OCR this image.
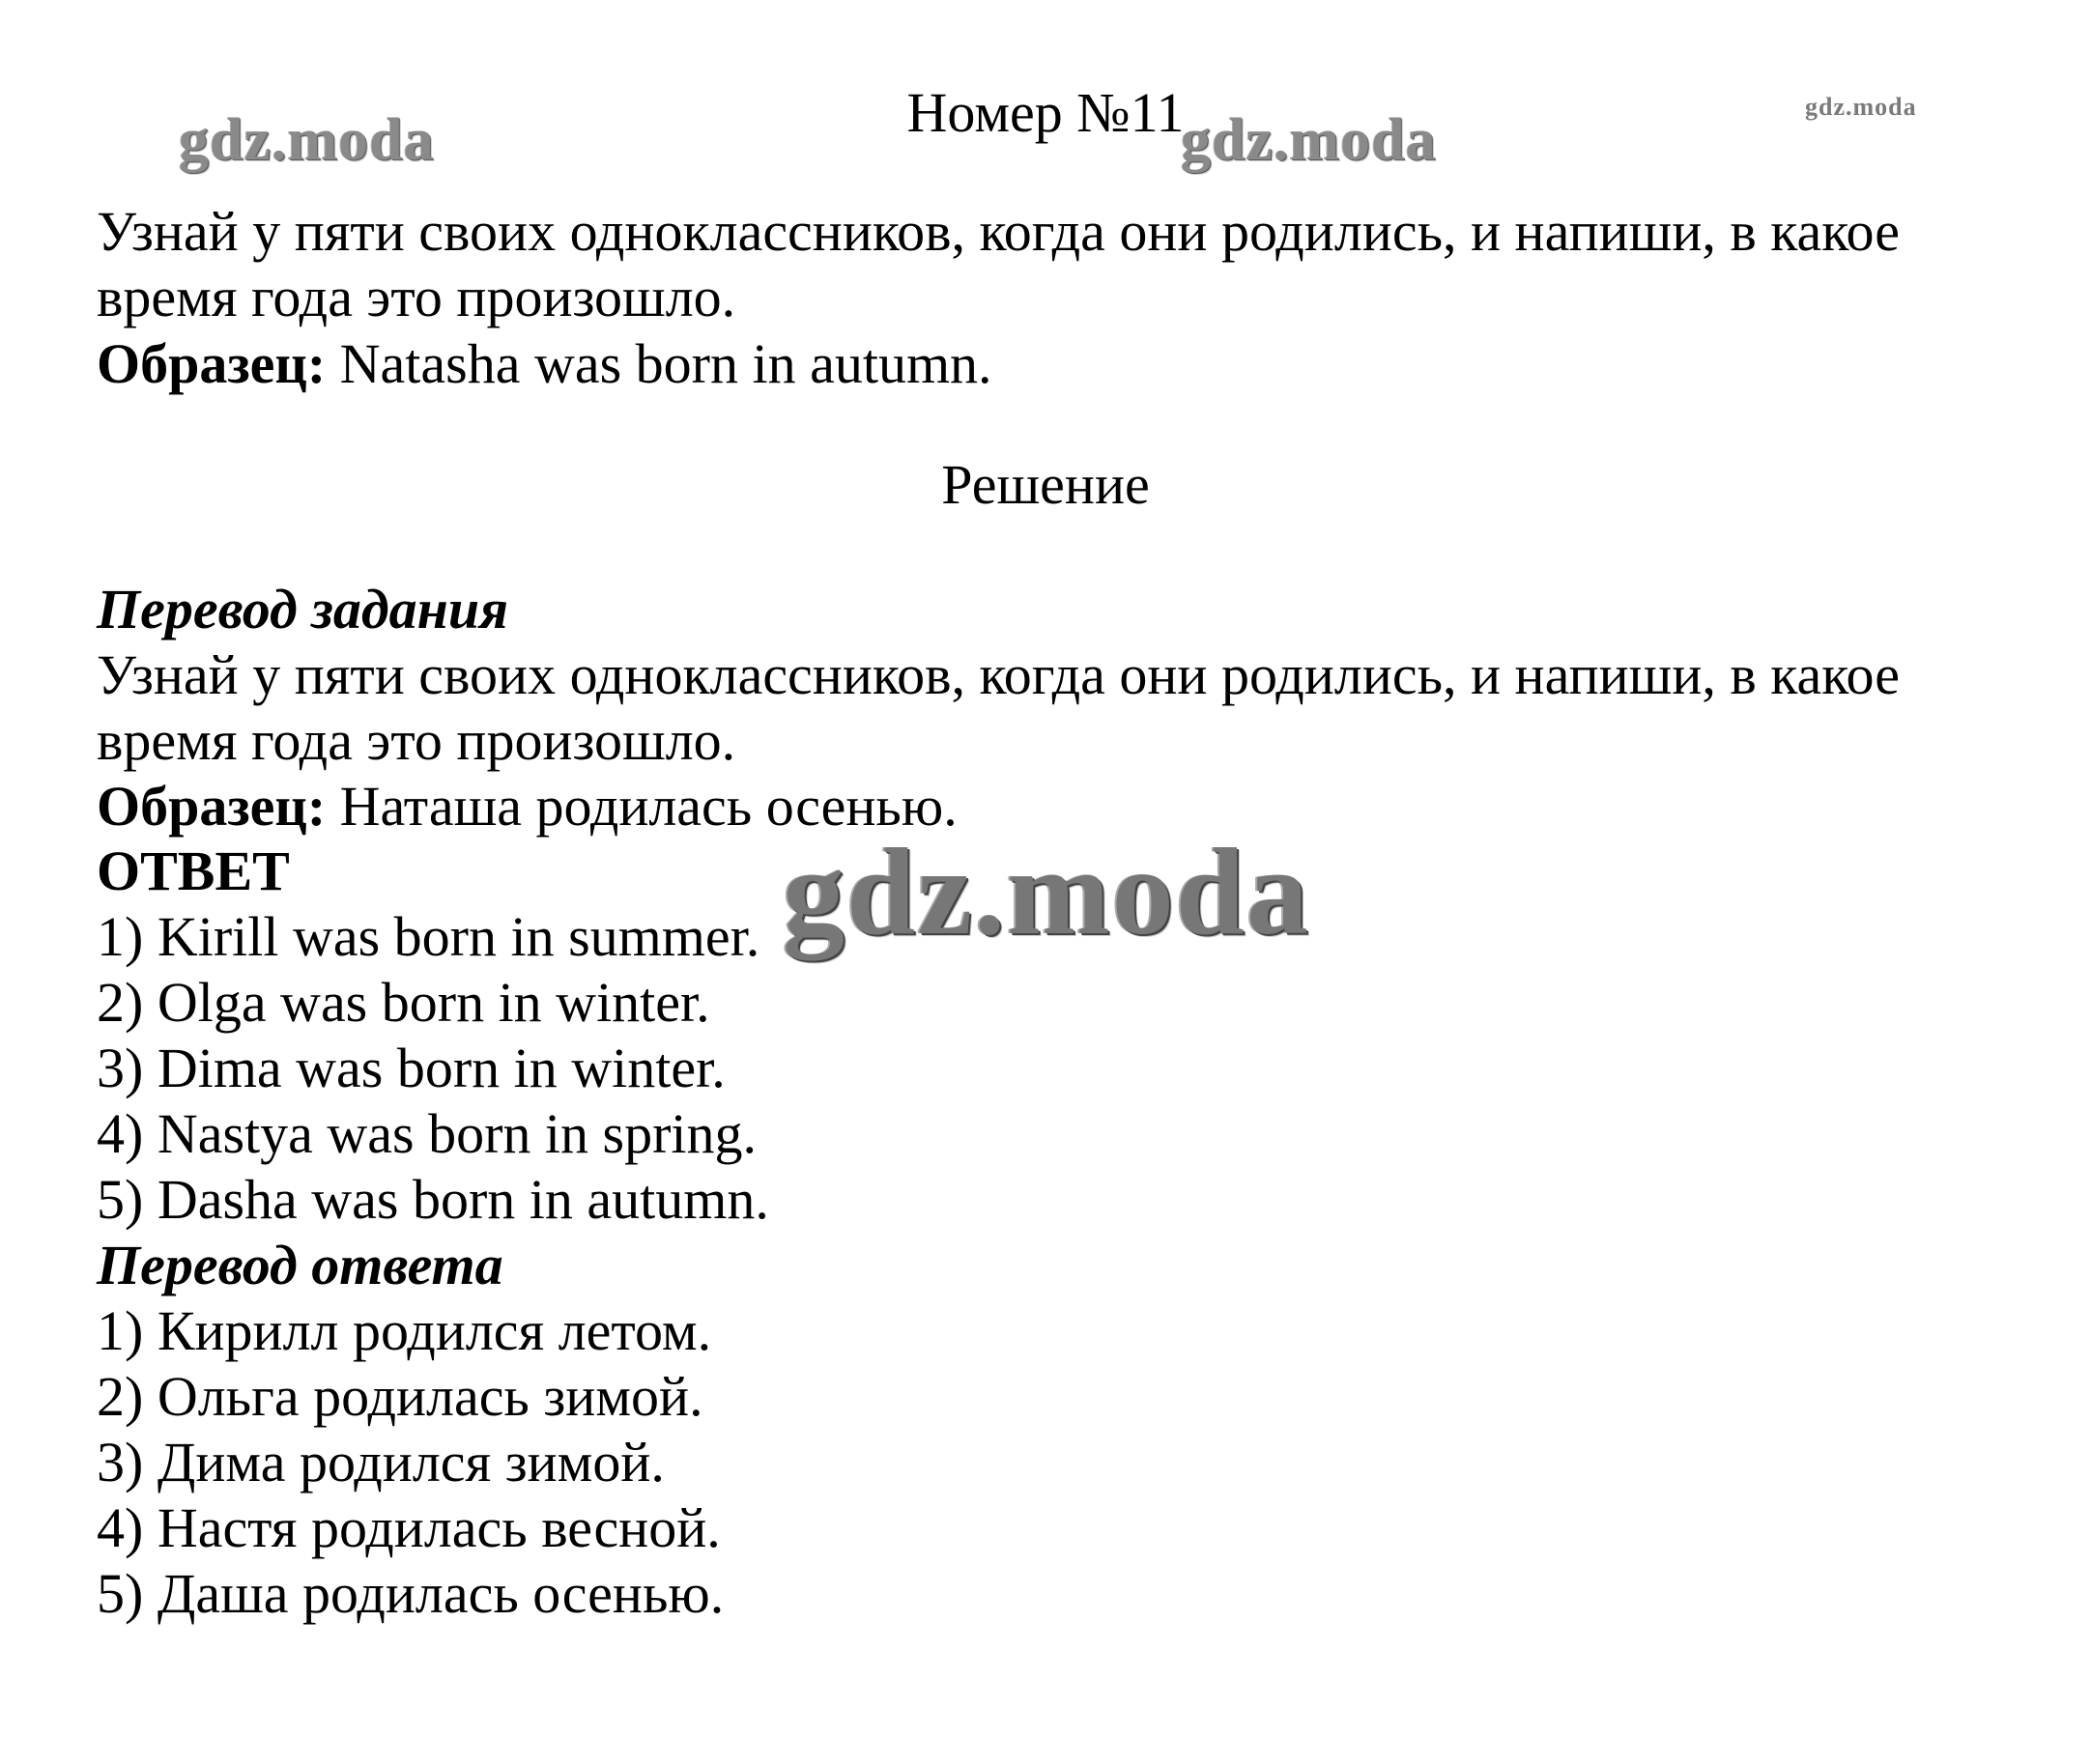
Номер №11
gdz.moda	gdz.moda
gdz.moda
Узнай у пяти своих одноклассников, когда они родились, и напиши, в какое
время года это произошло.
Образец: Natasha was born in autumn.
Решение
Перевод задания
Узнай у пяти своих одноклассников, когда они родились, и напиши, в какое
время года это произошло.
Образец: Наташа родилась осенью.
ОТВЕТ
1) Kirill was born in summer.
2) Olga was born in winter.
3) Dima was born in winter.
4) Nastya was born in spring.
5) Dasha was born in autumn.
Перевод ответа
1) Кирилл родился летом.
2) Ольга родилась зимой.
3) Дима родился зимой.
4) Настя родилась весной.
5) Даша родилась осенью.
gdz.moda
